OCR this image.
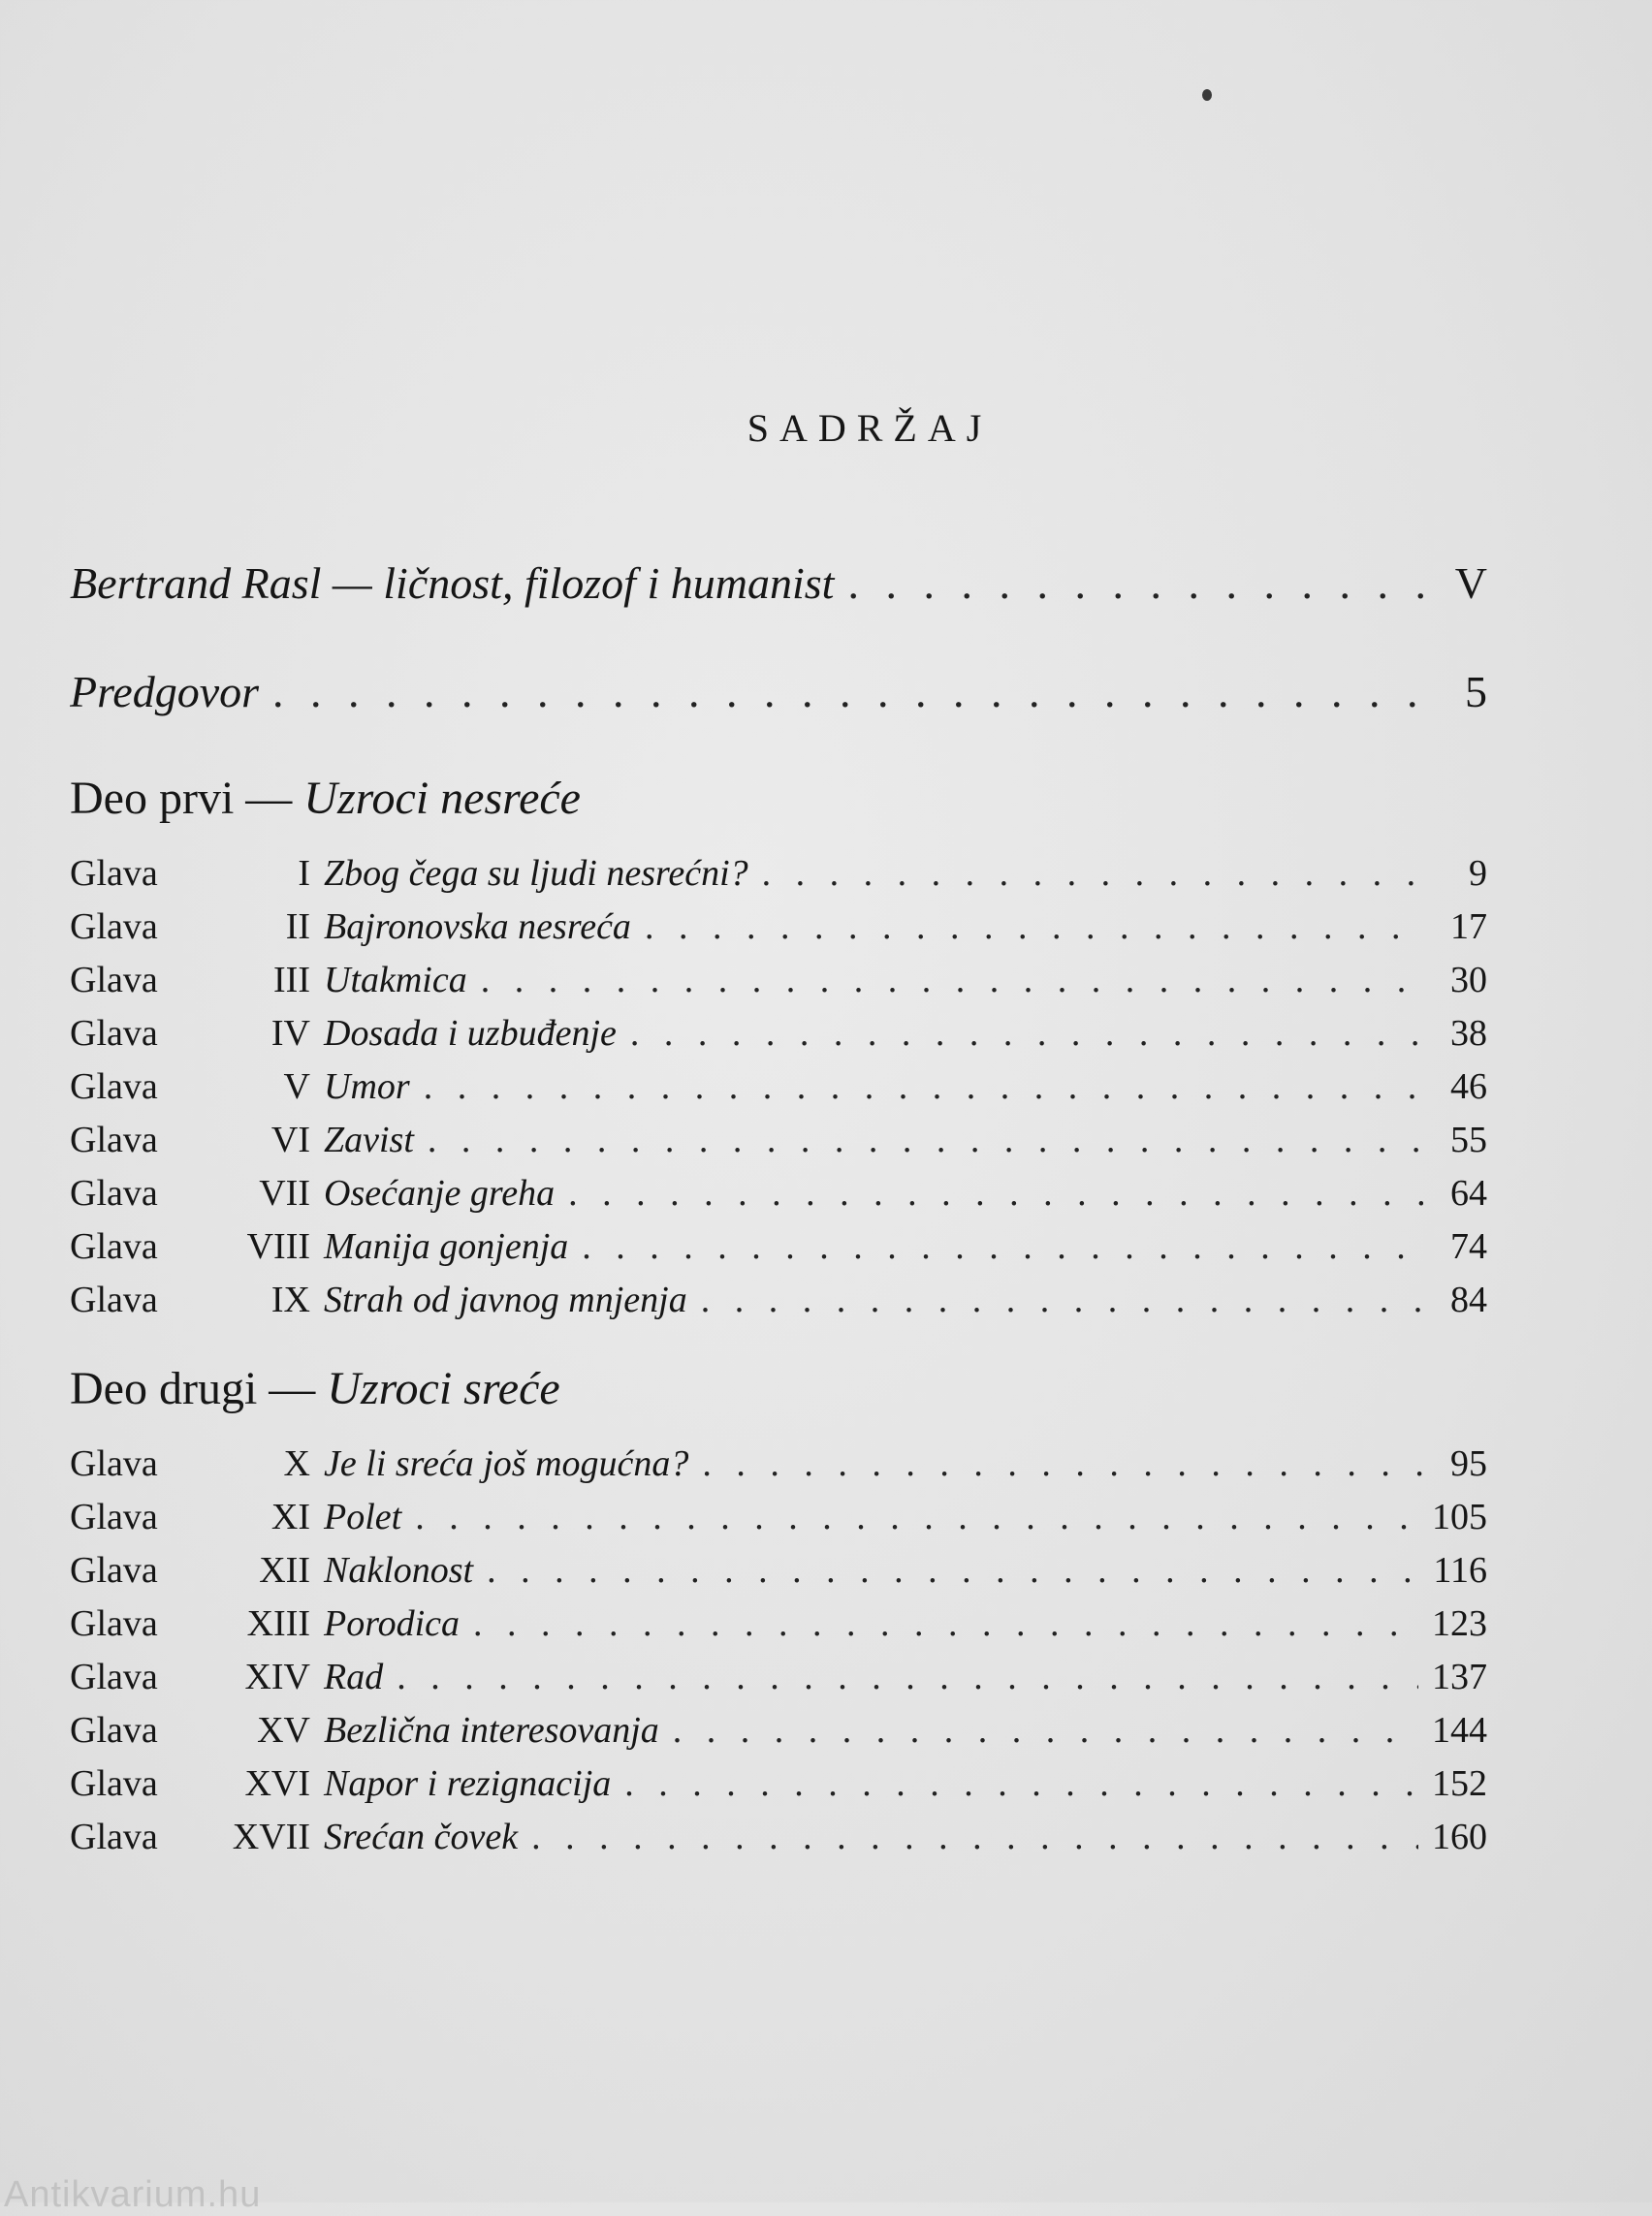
SADRŽAJ
Bertrand Rasl — ličnost, filozof i humanist . . .	V
Predgovor . . .	5
Deo prvi — Uzroci nesreće
Glava	I Zbog čega su ljudi nesrećni? . . .	9
Glava	II Bajronovska nesreća . . .	17
Glava	III Utakmica . . .	30
Glava	IV Dosada i uzbuđenje . . .	38
Glava	V Umor . . .	46
Glava	VI Zavist . . .	55
Glava	VII Osećanje greha . . .	64
Glava	VIII Manija gonjenja . . .	74
Glava	IX Strah od javnog mnjenja . . .	84
Deo drugi — Uzroci sreće
Glava	X Je li sreća još mogućna? . . .	95
Glava	XI Polet . . .	105
Glava	XII Naklonost . . .	116
Glava	XIII Porodica . . .	123
Glava	XIV Rad . . .	137
Glava	XV Bezlična interesovanja . . .	144
Glava	XVI Napor i rezignacija . . .	152
Glava	XVII Srećan čovek . . .	160
Antikvarium.hu
